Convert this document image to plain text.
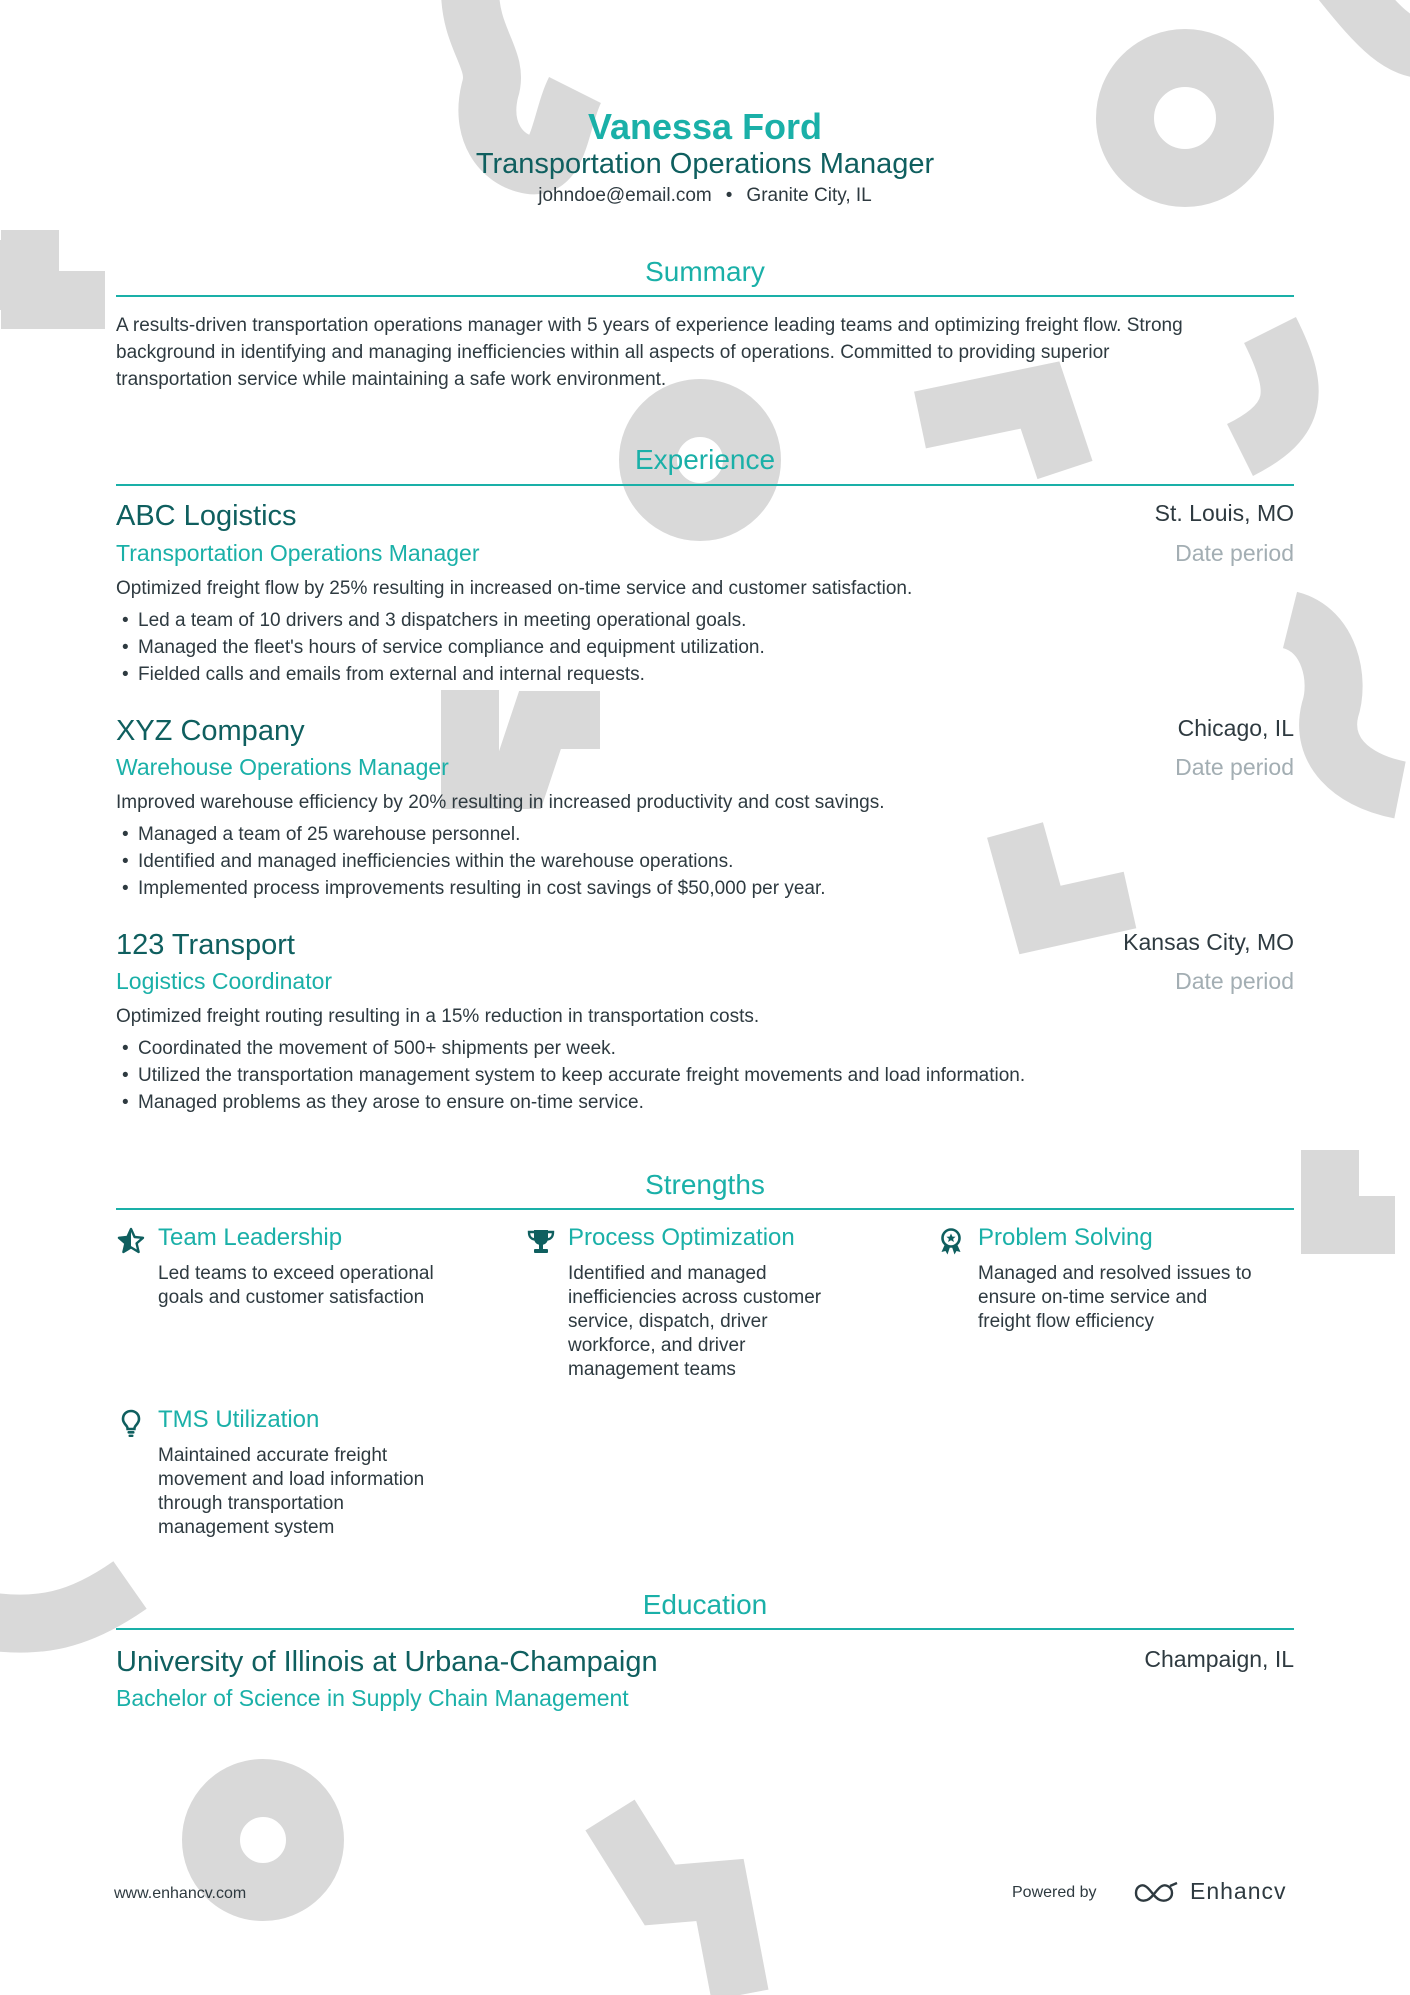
Vanessa Ford
Transportation Operations Manager
johndoe@email.com • Granite City, IL
Summary
A results-driven transportation operations manager with 5 years of experience leading teams and optimizing freight flow. Strong
background in identifying and managing inefficiencies within all aspects of operations. Committed to providing superior
transportation service while maintaining a safe work environment.
Experience
ABC Logistics	St. Louis, MO
Transportation Operations Manager	Date period
Optimized freight flow by 25% resulting in increased on-time service and customer satisfaction.
• Led a team of 10 drivers and 3 dispatchers in meeting operational goals.
• Managed the fleet's hours of service compliance and equipment utilization.
• Fielded calls and emails from external and internal requests.
XYZ Company	Chicago, IL
Warehouse Operations Manager	Date period
Improved warehouse efficiency by 20% resulting in increased productivity and cost savings.
• Managed a team of 25 warehouse personnel.
• Identified and managed inefficiencies within the warehouse operations.
• Implemented process improvements resulting in cost savings of $50,000 per year.
123 Transport	Kansas City, MO
Logistics Coordinator	Date period
Optimized freight routing resulting in a 15% reduction in transportation costs.
• Coordinated the movement of 500+ shipments per week.
• Utilized the transportation management system to keep accurate freight movements and load information.
• Managed problems as they arose to ensure on-time service.
Strengths
Team Leadership
Led teams to exceed operational
goals and customer satisfaction
Process Optimization
Identified and managed
inefficiencies across customer
service, dispatch, driver
workforce, and driver
management teams
Problem Solving
Managed and resolved issues to
ensure on-time service and
freight flow efficiency
TMS Utilization
Maintained accurate freight
movement and load information
through transportation
management system
Education
University of Illinois at Urbana-Champaign	Champaign, IL
Bachelor of Science in Supply Chain Management
www.enhancv.com	Powered by	Enhancv
